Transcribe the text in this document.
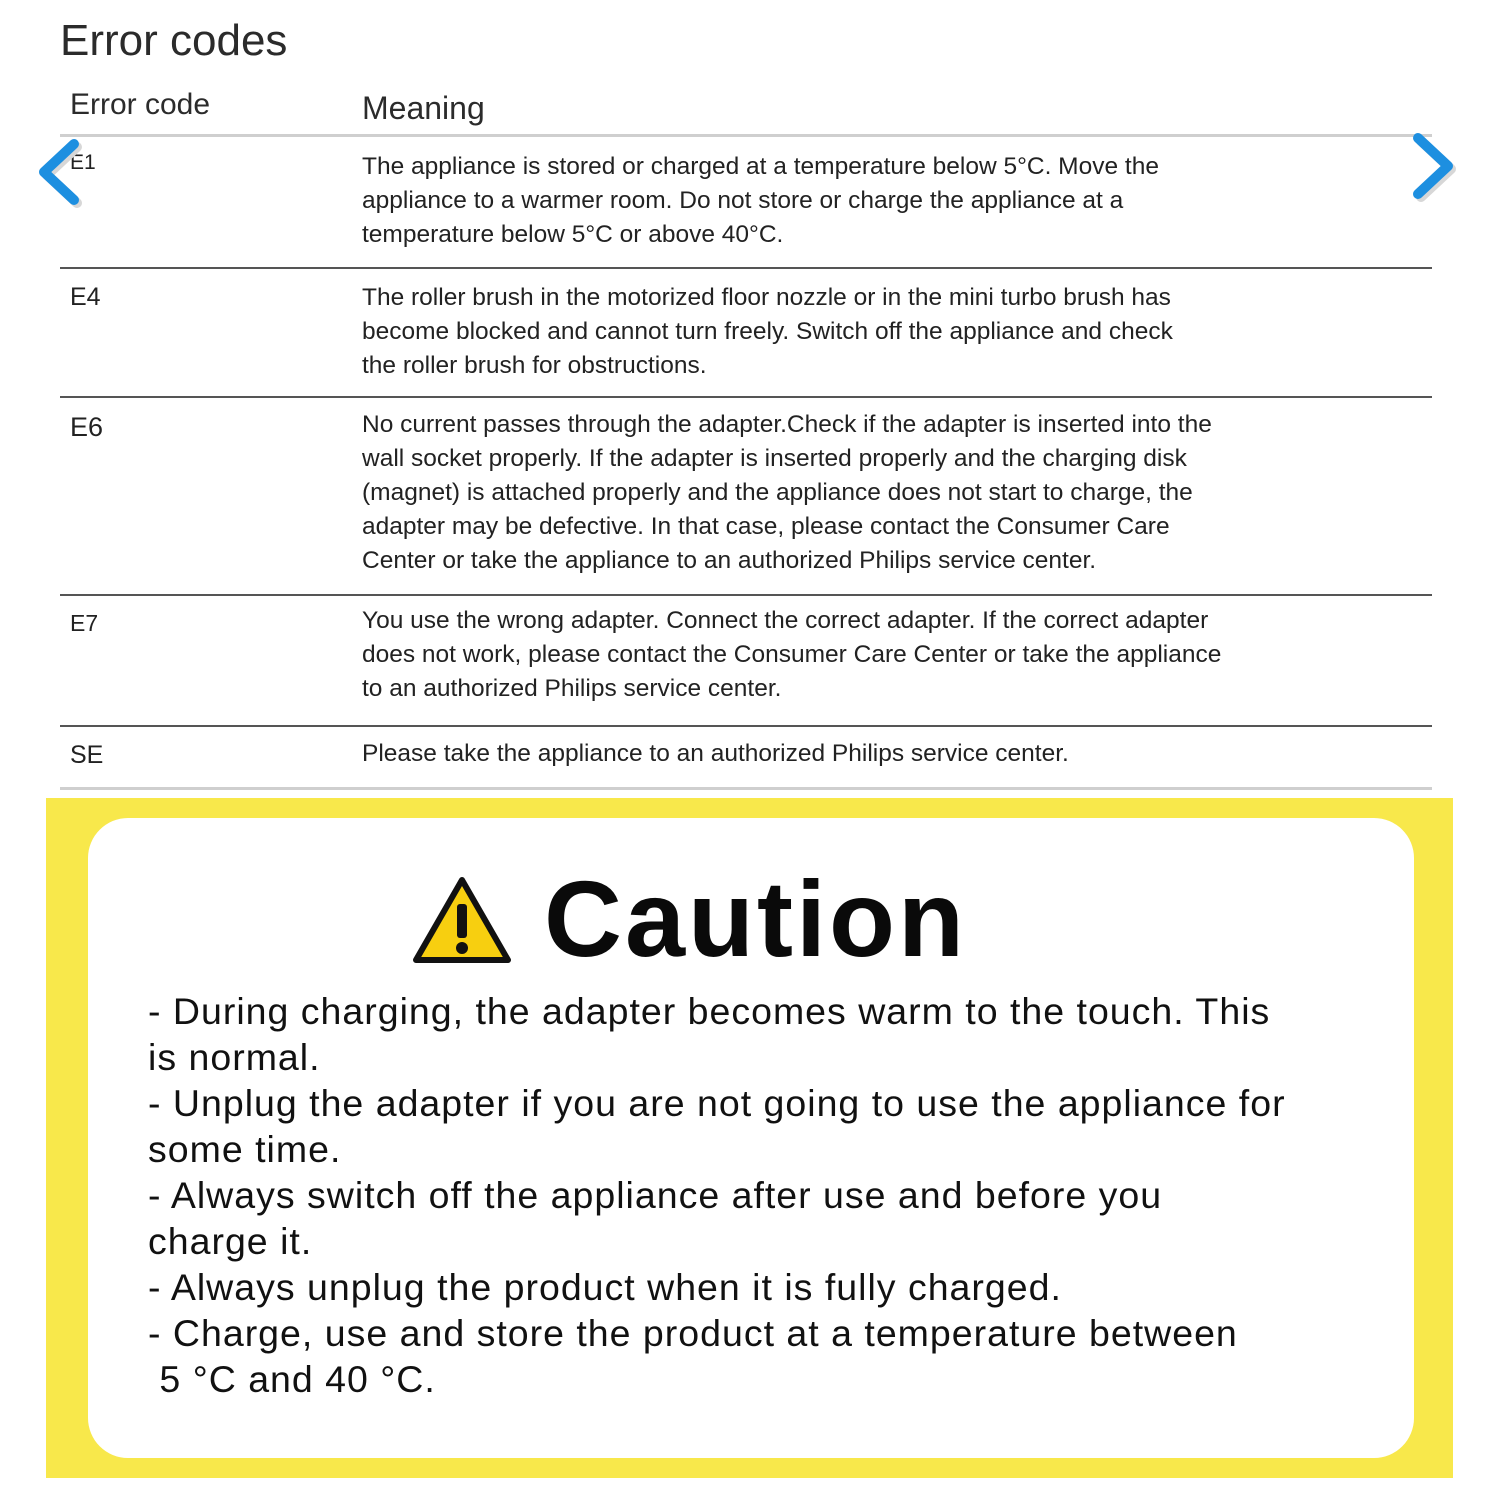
Error codes
Error code	Meaning
E1	The appliance is stored or charged at a temperature below 5°C. Move the
appliance to a warmer room. Do not store or charge the appliance at a
temperature below 5°C or above 40°C.
E4	The roller brush in the motorized floor nozzle or in the mini turbo brush has
become blocked and cannot turn freely. Switch off the appliance and check
the roller brush for obstructions.
E6	No current passes through the adapter.Check if the adapter is inserted into the
wall socket properly. If the adapter is inserted properly and the charging disk
(magnet) is attached properly and the appliance does not start to charge, the
adapter may be defective. In that case, please contact the Consumer Care
Center or take the appliance to an authorized Philips service center.
E7	You use the wrong adapter. Connect the correct adapter. If the correct adapter
does not work, please contact the Consumer Care Center or take the appliance
to an authorized Philips service center.
SE	Please take the appliance to an authorized Philips service center.
Caution
- During charging, the adapter becomes warm to the touch. This
is normal.
- Unplug the adapter if you are not going to use the appliance for
some time.
- Always switch off the appliance after use and before you
charge it.
- Always unplug the product when it is fully charged.
- Charge, use and store the product at a temperature between
5 °C and 40 °C.
